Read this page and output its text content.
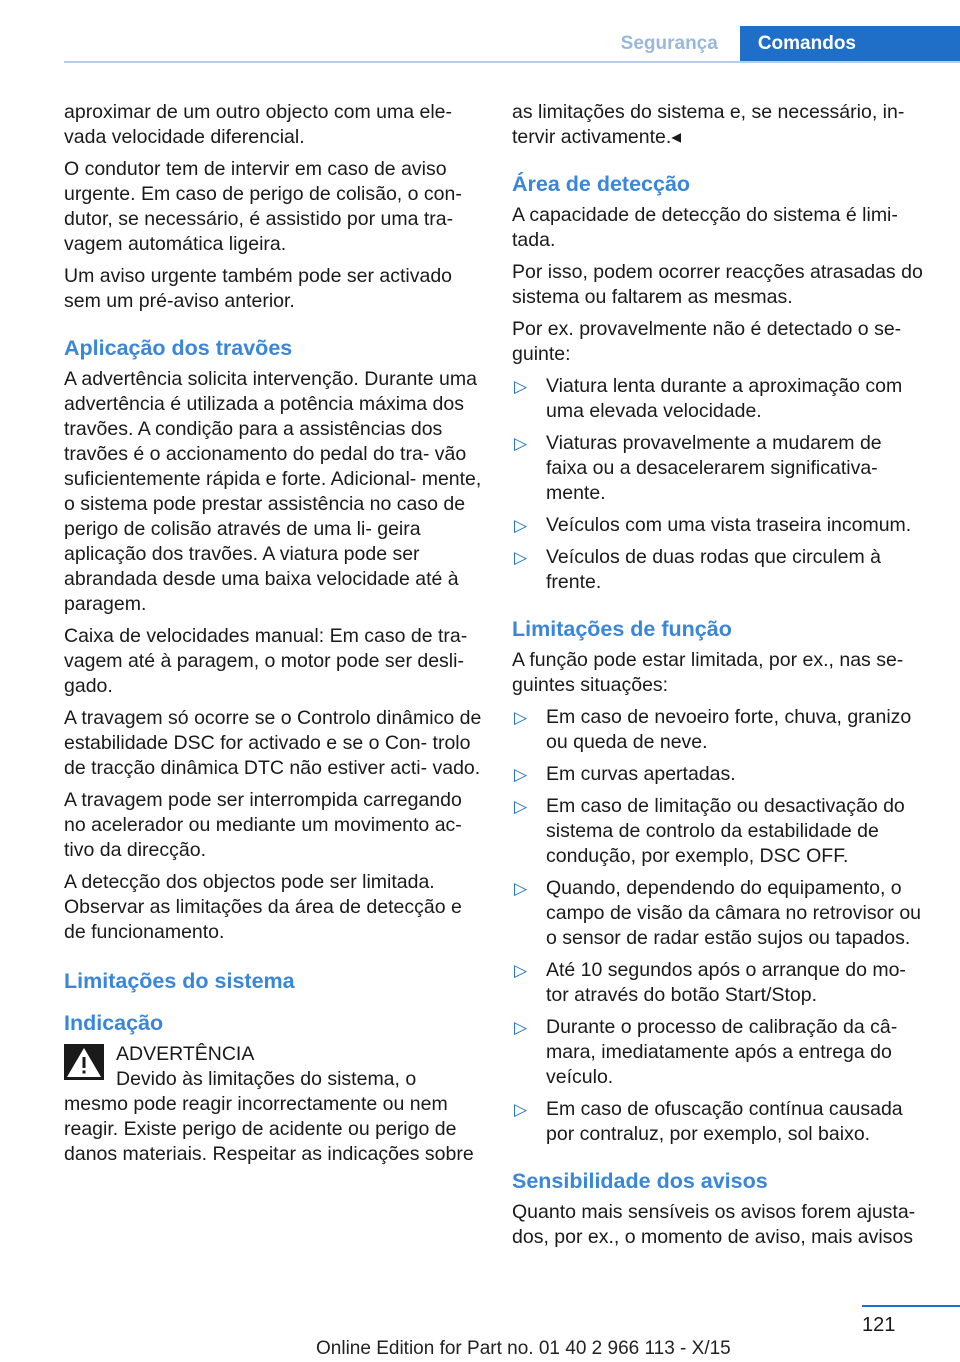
Segurança	Comandos

aproximar de um outro objecto com uma ele- vada velocidade diferencial.

O condutor tem de intervir em caso de aviso urgente. Em caso de perigo de colisão, o con- dutor, se necessário, é assistido por uma tra- vagem automática ligeira.

Um aviso urgente também pode ser activado sem um pré-aviso anterior.

Aplicação dos travões

A advertência solicita intervenção. Durante uma advertência é utilizada a potência máxima dos travões. A condição para a assistências dos travões é o accionamento do pedal do tra- vão suficientemente rápida e forte. Adicional- mente, o sistema pode prestar assistência no caso de perigo de colisão através de uma li- geira aplicação dos travões. A viatura pode ser abrandada desde uma baixa velocidade até à paragem.

Caixa de velocidades manual: Em caso de tra- vagem até à paragem, o motor pode ser desli- gado.

A travagem só ocorre se o Controlo dinâmico de estabilidade DSC for activado e se o Con- trolo de tracção dinâmica DTC não estiver acti- vado.

A travagem pode ser interrompida carregando no acelerador ou mediante um movimento ac- tivo da direcção.

A detecção dos objectos pode ser limitada. Observar as limitações da área de detecção e de funcionamento.

Limitações do sistema
Indicação
ADVERTÊNCIA

Devido às limitações do sistema, o mesmo pode reagir incorrectamente ou nem reagir. Existe perigo de acidente ou perigo de danos materiais. Respeitar as indicações sobre

as limitações do sistema e, se necessário, in- tervir activamente.◂

Área de detecção

A capacidade de detecção do sistema é limi- tada.

Por isso, podem ocorrer reacções atrasadas do sistema ou faltarem as mesmas.

Por ex. provavelmente não é detectado o se- guinte:

▷ Viatura lenta durante a aproximação com uma elevada velocidade.
▷ Viaturas provavelmente a mudarem de faixa ou a desacelerarem significativa- mente.
▷ Veículos com uma vista traseira incomum.
▷ Veículos de duas rodas que circulem à frente.
Limitações de função

A função pode estar limitada, por ex., nas se- guintes situações:

▷ Em caso de nevoeiro forte, chuva, granizo ou queda de neve.
▷ Em curvas apertadas.
▷ Em caso de limitação ou desactivação do sistema de controlo da estabilidade de condução, por exemplo, DSC OFF.
▷ Quando, dependendo do equipamento, o campo de visão da câmara no retrovisor ou o sensor de radar estão sujos ou tapados.
▷ Até 10 segundos após o arranque do mo- tor através do botão Start/Stop.
▷ Durante o processo de calibração da câ- mara, imediatamente após a entrega do veículo.
▷ Em caso de ofuscação contínua causada por contraluz, por exemplo, sol baixo.
Sensibilidade dos avisos

Quanto mais sensíveis os avisos forem ajusta- dos, por ex., o momento de aviso, mais avisos

121
Online Edition for Part no. 01 40 2 966 113 - X/15
